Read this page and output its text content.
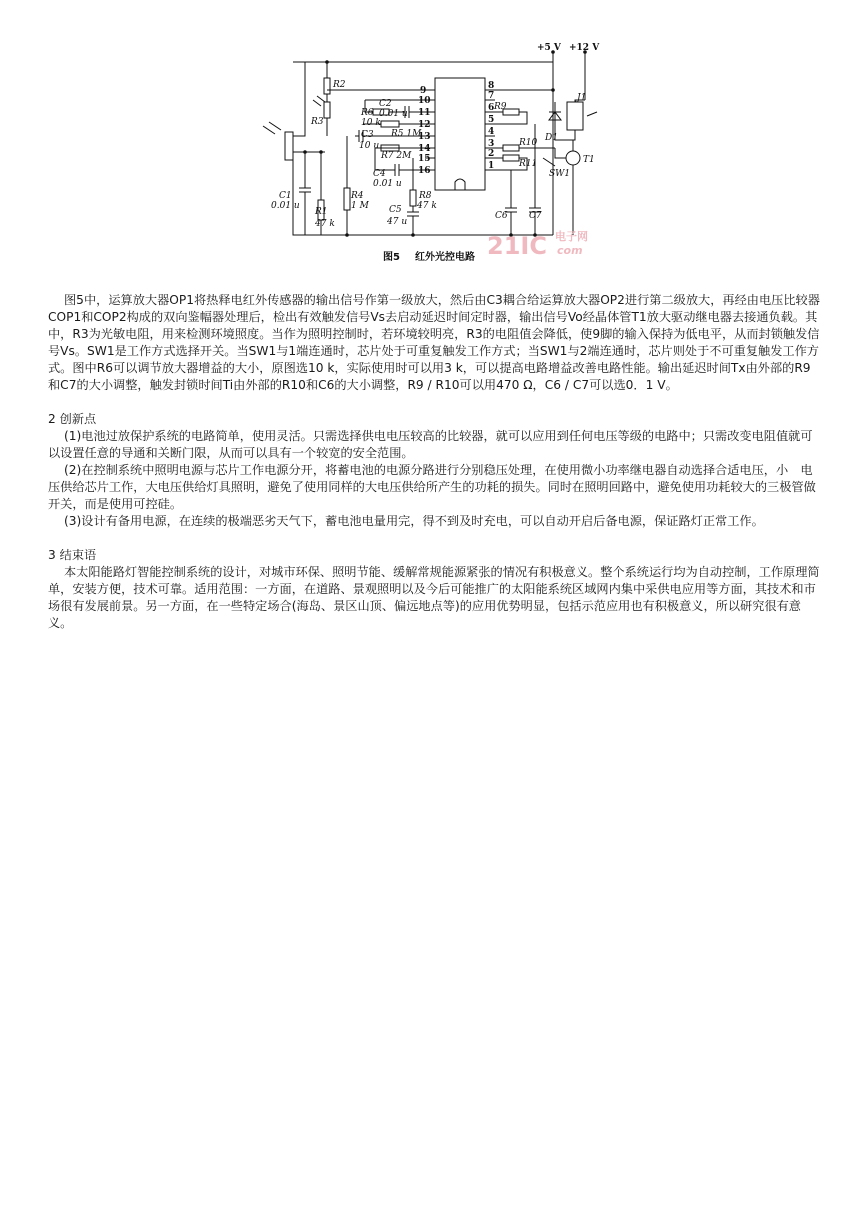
+5 V +12 V
R2
R3
R6
10 k
C2
0.01 u
C3
10 u
R5 1M
R7 2M
C4
0.01 u
R9
R10
R11
C1
0.01 u
R1
47 k
R4
1 M
R8
47 k
C5
47 u
C6 C7
J1
D1
T1
SW1
9
10
11
12
13
14
15
16
8
7
6
5
4
3
2
1
图5 红外光控电路 21IC 电子网
com

图5中，运算放大器OP1将热释电红外传感器的输出信号作第一级放大，然后由C3耦合给运算放大器OP2进行第二级放大，再经由电压比较器COP1和COP2构成的双向鉴幅器处理后，检出有效触发信号Vs去启动延迟时间定时器，输出信号Vo经晶体管T1放大驱动继电器去接通负载。其中，R3为光敏电阻，用来检测环境照度。当作为照明控制时，若环境较明亮，R3的电阻值会降低，使9脚的输入保持为低电平，从而封锁触发信号Vs。SW1是工作方式选择开关。当SW1与1端连通时，芯片处于可重复触发工作方式；当SW1与2端连通时，芯片则处于不可重复触发工作方式。图中R6可以调节放大器增益的大小，原图选10 k，实际使用时可以用3 k，可以提高电路增益改善电路性能。输出延迟时间Tx由外部的R9和C7的大小调整，触发封锁时间Ti由外部的R10和C6的大小调整，R9 / R10可以用470 Ω，C6 / C7可以选0．1 V。

2 创新点

(1)电池过放保护系统的电路简单，使用灵活。只需选择供电电压较高的比较器，就可以应用到任何电压等级的电路中；只需改变电阻值就可以设置任意的导通和关断门限，从而可以具有一个较宽的安全范围。

(2)在控制系统中照明电源与芯片工作电源分开，将蓄电池的电源分路进行分别稳压处理，在使用微小功率继电器自动选择合适电压，小　电压供给芯片工作，大电压供给灯具照明，避免了使用同样的大电压供给所产生的功耗的损失。同时在照明回路中，避免使用功耗较大的三极管做开关，而是使用可控硅。

(3)设计有备用电源，在连续的极端恶劣天气下，蓄电池电量用完，得不到及时充电，可以自动开启后备电源，保证路灯正常工作。

3 结束语

本太阳能路灯智能控制系统的设计，对城市环保、照明节能、缓解常规能源紧张的情况有积极意义。整个系统运行均为自动控制，工作原理简单，安装方便，技术可靠。适用范围：一方面，在道路、景观照明以及今后可能推广的太阳能系统区域网内集中采供电应用等方面，其技术和市场很有发展前景。另一方面，在一些特定场合(海岛、景区山顶、偏远地点等)的应用优势明显，包括示范应用也有积极意义，所以研究很有意义。
